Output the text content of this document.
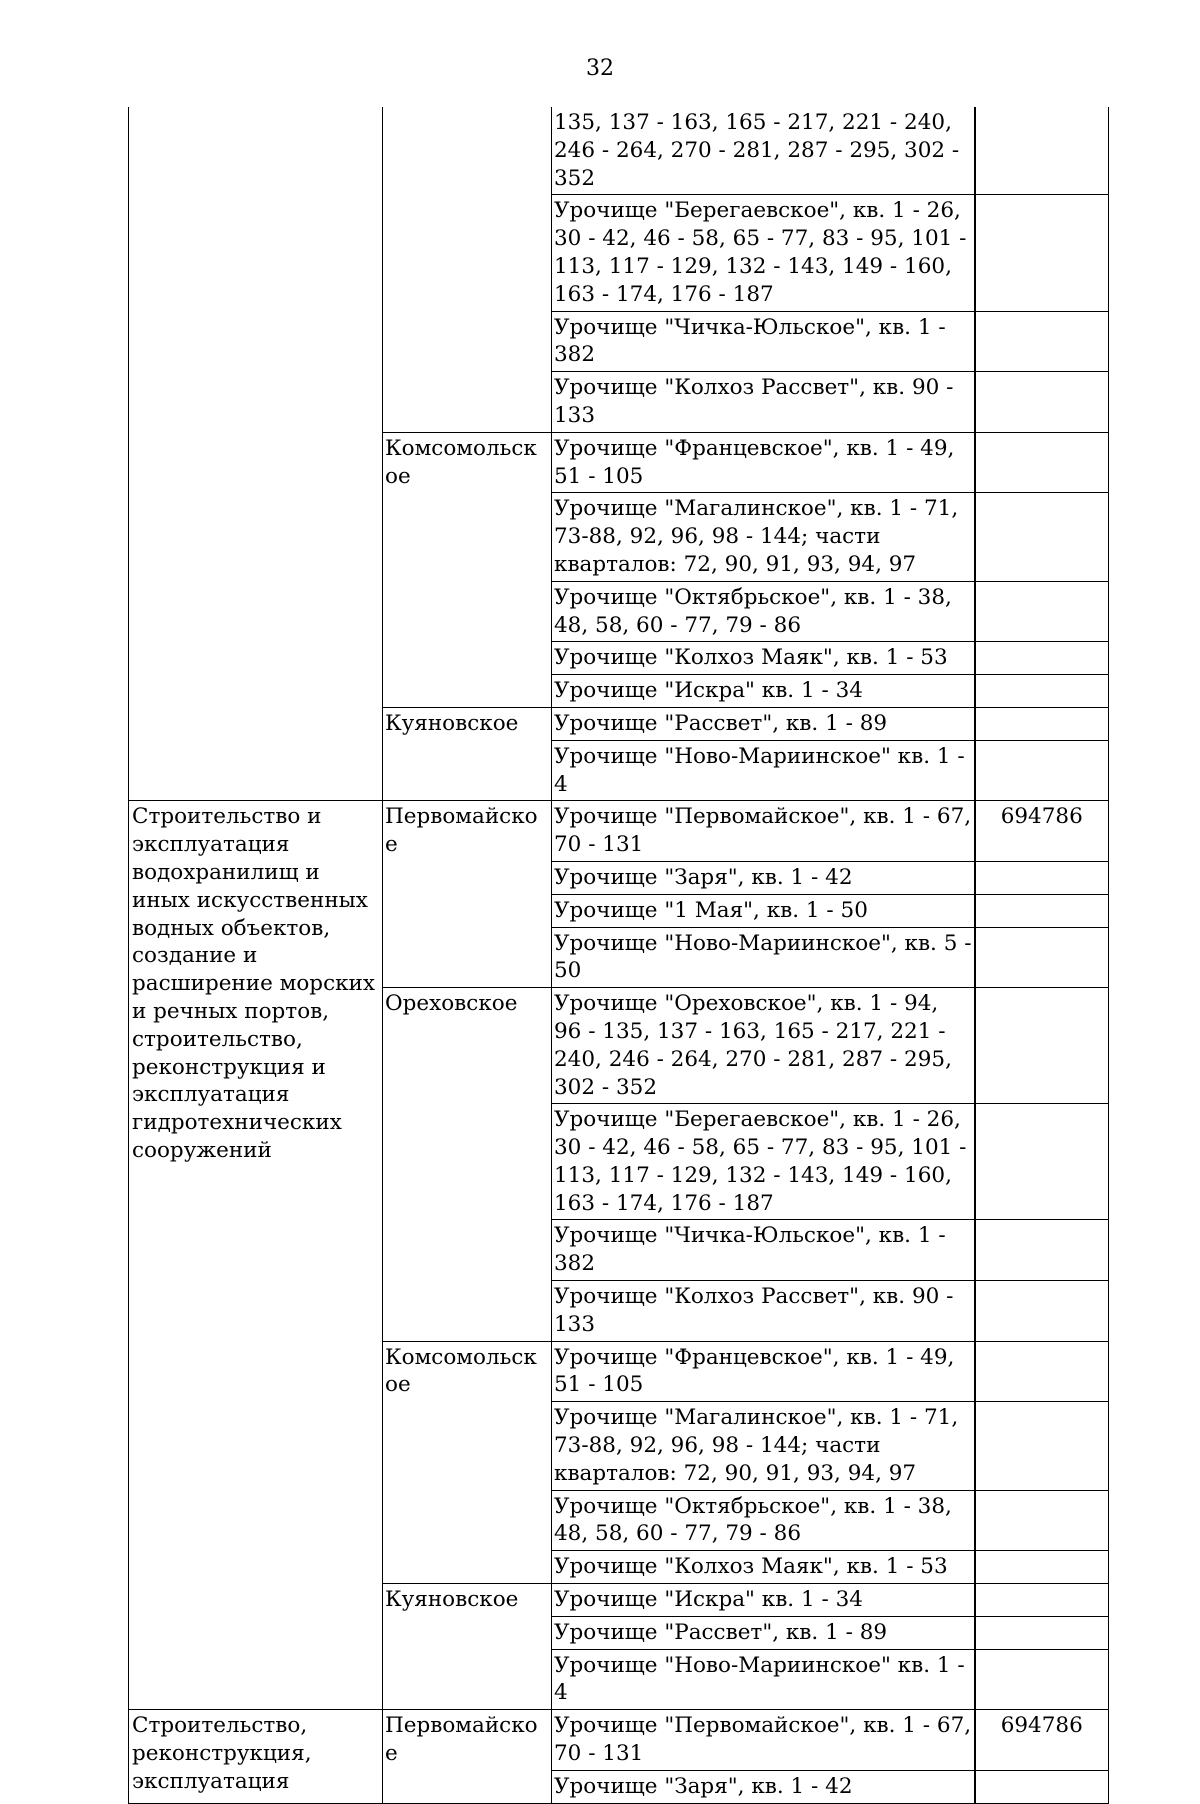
32
		135, 137 - 163, 165 - 217, 221 - 240, 246 - 264, 270 - 281, 287 - 295, 302 - 352	
		Урочище "Берегаевское", кв. 1 - 26, 30 - 42, 46 - 58, 65 - 77, 83 - 95, 101 - 113, 117 - 129, 132 - 143, 149 - 160, 163 - 174, 176 - 187	
		Урочище "Чичка-Юльское", кв. 1 - 382	
		Урочище "Колхоз Рассвет", кв. 90 - 133	
	Комсомольское	Урочище "Францевское", кв. 1 - 49, 51 - 105	
		Урочище "Магалинское", кв. 1 - 71, 73-88, 92, 96, 98 - 144; части кварталов: 72, 90, 91, 93, 94, 97	
		Урочище "Октябрьское", кв. 1 - 38, 48, 58, 60 - 77, 79 - 86	
		Урочище "Колхоз Маяк", кв. 1 - 53	
		Урочище "Искра" кв. 1 - 34	
	Куяновское	Урочище "Рассвет", кв. 1 - 89	
		Урочище "Ново-Мариинское" кв. 1 - 4	
Строительство и эксплуатация водохранилищ и иных искусственных водных объектов, создание и расширение морских и речных портов, строительство, реконструкция и эксплуатация гидротехнических сооружений	Первомайское	Урочище "Первомайское", кв. 1 - 67, 70 - 131	694786
		Урочище "Заря", кв. 1 - 42	
		Урочище "1 Мая", кв. 1 - 50	
		Урочище "Ново-Мариинское", кв. 5 - 50	
	Ореховское	Урочище "Ореховское", кв. 1 - 94, 96 - 135, 137 - 163, 165 - 217, 221 - 240, 246 - 264, 270 - 281, 287 - 295, 302 - 352	
		Урочище "Берегаевское", кв. 1 - 26, 30 - 42, 46 - 58, 65 - 77, 83 - 95, 101 - 113, 117 - 129, 132 - 143, 149 - 160, 163 - 174, 176 - 187	
		Урочище "Чичка-Юльское", кв. 1 - 382	
		Урочище "Колхоз Рассвет", кв. 90 - 133	
	Комсомольское	Урочище "Францевское", кв. 1 - 49, 51 - 105	
		Урочище "Магалинское", кв. 1 - 71, 73-88, 92, 96, 98 - 144; части кварталов: 72, 90, 91, 93, 94, 97	
		Урочище "Октябрьское", кв. 1 - 38, 48, 58, 60 - 77, 79 - 86	
		Урочище "Колхоз Маяк", кв. 1 - 53	
	Куяновское	Урочище "Искра" кв. 1 - 34	
		Урочище "Рассвет", кв. 1 - 89	
		Урочище "Ново-Мариинское" кв. 1 - 4	
Строительство, реконструкция, эксплуатация	Первомайское	Урочище "Первомайское", кв. 1 - 67, 70 - 131	694786
		Урочище "Заря", кв. 1 - 42	
